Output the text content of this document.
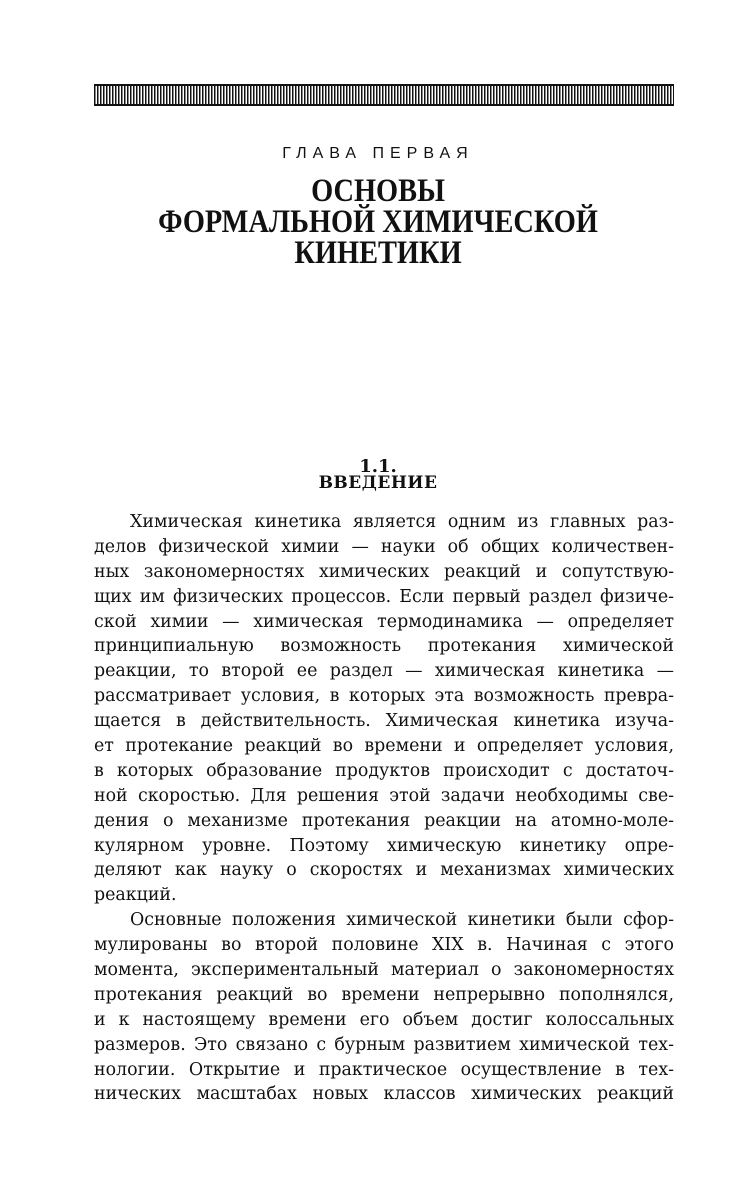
ГЛАВА ПЕРВАЯ
ОСНОВЫ
ФОРМАЛЬНОЙ ХИМИЧЕСКОЙ
КИНЕТИКИ
1.1.
ВВЕДЕНИЕ
Химическая кинетика является одним из главных раз-
делов физической химии — науки об общих количествен-
ных закономерностях химических реакций и сопутствую-
щих им физических процессов. Если первый раздел физиче-
ской химии — химическая термодинамика — определяет
принципиальную возможность протекания химической
реакции, то второй ее раздел — химическая кинетика —
рассматривает условия, в которых эта возможность превра-
щается в действительность. Химическая кинетика изуча-
ет протекание реакций во времени и определяет условия,
в которых образование продуктов происходит с достаточ-
ной скоростью. Для решения этой задачи необходимы све-
дения о механизме протекания реакции на атомно-моле-
кулярном уровне. Поэтому химическую кинетику опре-
деляют как науку о скоростях и механизмах химических
реакций.
Основные положения химической кинетики были сфор-
мулированы во второй половине XIX в. Начиная с этого
момента, экспериментальный материал о закономерностях
протекания реакций во времени непрерывно пополнялся,
и к настоящему времени его объем достиг колоссальных
размеров. Это связано с бурным развитием химической тех-
нологии. Открытие и практическое осуществление в тех-
нических масштабах новых классов химических реакций
